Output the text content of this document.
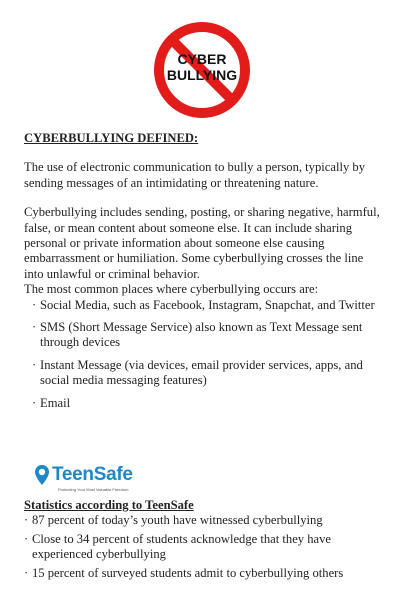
CYBER
BULLYING
CYBERBULLYING DEFINED:

The use of electronic communication to bully a person, typically by sending messages of an intimidating or threatening nature.

Cyberbullying includes sending, posting, or sharing negative, harmful, false, or mean content about someone else. It can include sharing personal or private information about someone else causing embarrassment or humiliation. Some cyberbullying crosses the line into unlawful or criminal behavior.

The most common places where cyberbullying occurs are:

· Social Media, such as Facebook, Instagram, Snapchat, and Twitter
· SMS (Short Message Service) also known as Text Message sent through devices
· Instant Message (via devices, email provider services, apps, and social media messaging features)
· Email
TeenSafe
Protecting Your Most Valuable Freedom
Statistics according to TeenSafe
· 87 percent of today’s youth have witnessed cyberbullying
· Close to 34 percent of students acknowledge that they have experienced cyberbullying
· 15 percent of surveyed students admit to cyberbullying others
